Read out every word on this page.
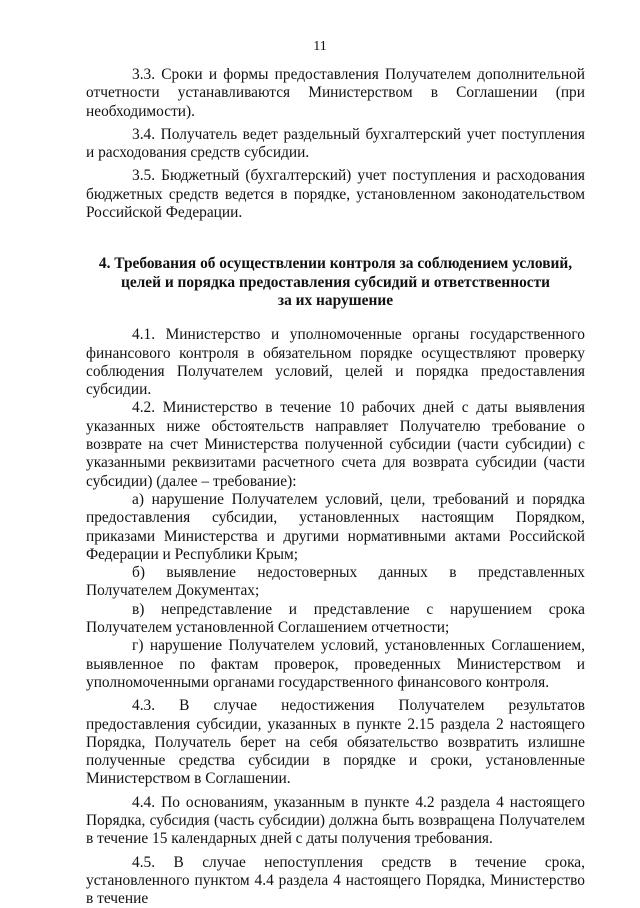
11

3.3. Сроки и формы предоставления Получателем дополнительной отчетности устанавливаются Министерством в Соглашении (при необходимости).

3.4. Получатель ведет раздельный бухгалтерский учет поступления и расходования средств субсидии.

3.5. Бюджетный (бухгалтерский) учет поступления и расходования бюджетных средств ведется в порядке, установленном законодательством Российской Федерации.

4. Требования об осуществлении контроля за соблюдением условий,
целей и порядка предоставления субсидий и ответственности
за их нарушение

4.1. Министерство и уполномоченные органы государственного финансового контроля в обязательном порядке осуществляют проверку соблюдения Получателем условий, целей и порядка предоставления субсидии.

4.2. Министерство в течение 10 рабочих дней с даты выявления указанных ниже обстоятельств направляет Получателю требование о возврате на счет Министерства полученной субсидии (части субсидии) с указанными реквизитами расчетного счета для возврата субсидии (части субсидии) (далее – требование):

а) нарушение Получателем условий, цели, требований и порядка предоставления субсидии, установленных настоящим Порядком, приказами Министерства и другими нормативными актами Российской Федерации и Республики Крым;

б) выявление недостоверных данных в представленных Получателем Документах;

в) непредставление и представление с нарушением срока Получателем установленной Соглашением отчетности;

г) нарушение Получателем условий, установленных Соглашением, выявленное по фактам проверок, проведенных Министерством и уполномоченными органами государственного финансового контроля.

4.3. В случае недостижения Получателем результатов предоставления субсидии, указанных в пункте 2.15 раздела 2 настоящего Порядка, Получатель берет на себя обязательство возвратить излишне полученные средства субсидии в порядке и сроки, установленные Министерством в Соглашении.

4.4. По основаниям, указанным в пункте 4.2 раздела 4 настоящего Порядка, субсидия (часть субсидии) должна быть возвращена Получателем в течение 15 календарных дней с даты получения требования.

4.5. В случае непоступления средств в течение срока, установленного пунктом 4.4 раздела 4 настоящего Порядка, Министерство в течение
